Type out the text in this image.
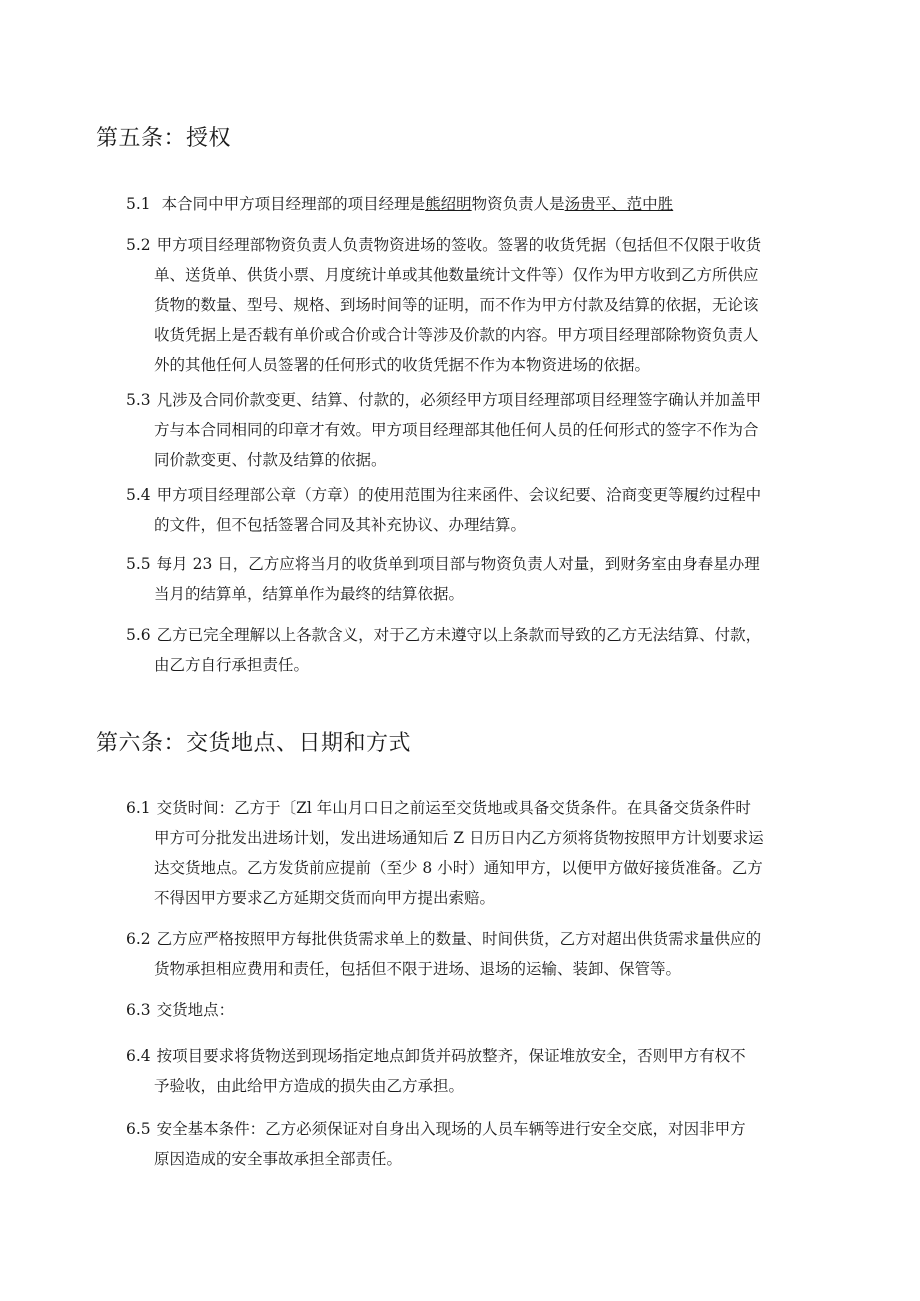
第五条：授权
5.1 本合同中甲方项目经理部的项目经理是熊绍明物资负责人是汤贵平、范中胜
5.2 甲方项目经理部物资负责人负责物资进场的签收。签署的收货凭据（包括但不仅限于收货
单、送货单、供货小票、月度统计单或其他数量统计文件等）仅作为甲方收到乙方所供应
货物的数量、型号、规格、到场时间等的证明，而不作为甲方付款及结算的依据，无论该
收货凭据上是否载有单价或合价或合计等涉及价款的内容。甲方项目经理部除物资负责人
外的其他任何人员签署的任何形式的收货凭据不作为本物资进场的依据。
5.3 凡涉及合同价款变更、结算、付款的，必须经甲方项目经理部项目经理签字确认并加盖甲
方与本合同相同的印章才有效。甲方项目经理部其他任何人员的任何形式的签字不作为合
同价款变更、付款及结算的依据。
5.4 甲方项目经理部公章（方章）的使用范围为往来函件、会议纪要、洽商变更等履约过程中
的文件，但不包括签署合同及其补充协议、办理结算。
5.5 每月 23 日，乙方应将当月的收货单到项目部与物资负责人对量，到财务室由身春星办理
当月的结算单，结算单作为最终的结算依据。
5.6 乙方已完全理解以上各款含义，对于乙方未遵守以上条款而导致的乙方无法结算、付款，
由乙方自行承担责任。
第六条：交货地点、日期和方式
6.1 交货时间：乙方于〔Zl 年山月口日之前运至交货地或具备交货条件。在具备交货条件时
甲方可分批发出进场计划，发出进场通知后 Z 日历日内乙方须将货物按照甲方计划要求运
达交货地点。乙方发货前应提前（至少 8 小时）通知甲方，以便甲方做好接货准备。乙方
不得因甲方要求乙方延期交货而向甲方提出索赔。
6.2 乙方应严格按照甲方每批供货需求单上的数量、时间供货，乙方对超出供货需求量供应的
货物承担相应费用和责任，包括但不限于进场、退场的运输、装卸、保管等。
6.3 交货地点：
6.4 按项目要求将货物送到现场指定地点卸货并码放整齐，保证堆放安全，否则甲方有权不
予验收，由此给甲方造成的损失由乙方承担。
6.5 安全基本条件：乙方必须保证对自身出入现场的人员车辆等进行安全交底，对因非甲方
原因造成的安全事故承担全部责任。
